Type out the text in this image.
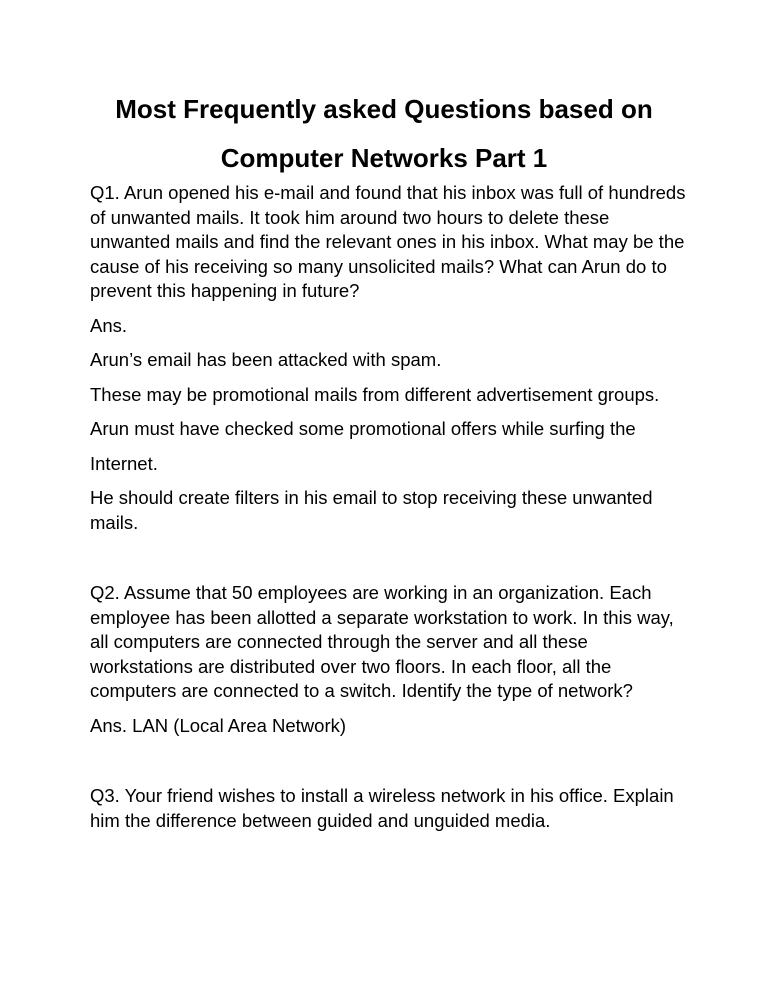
Most Frequently asked Questions based on
Computer Networks Part 1

Q1. Arun opened his e-mail and found that his inbox was full of hundreds of unwanted mails. It took him around two hours to delete these unwanted mails and find the relevant ones in his inbox. What may be the cause of his receiving so many unsolicited mails? What can Arun do to prevent this happening in future?

Ans.

Arun’s email has been attacked with spam.

These may be promotional mails from different advertisement groups.

Arun must have checked some promotional offers while surfing the

Internet.

He should create filters in his email to stop receiving these unwanted mails.

Q2. Assume that 50 employees are working in an organization. Each employee has been allotted a separate workstation to work. In this way, all computers are connected through the server and all these workstations are distributed over two floors. In each floor, all the computers are connected to a switch. Identify the type of network?

Ans. LAN (Local Area Network)

Q3. Your friend wishes to install a wireless network in his office. Explain him the difference between guided and unguided media.
